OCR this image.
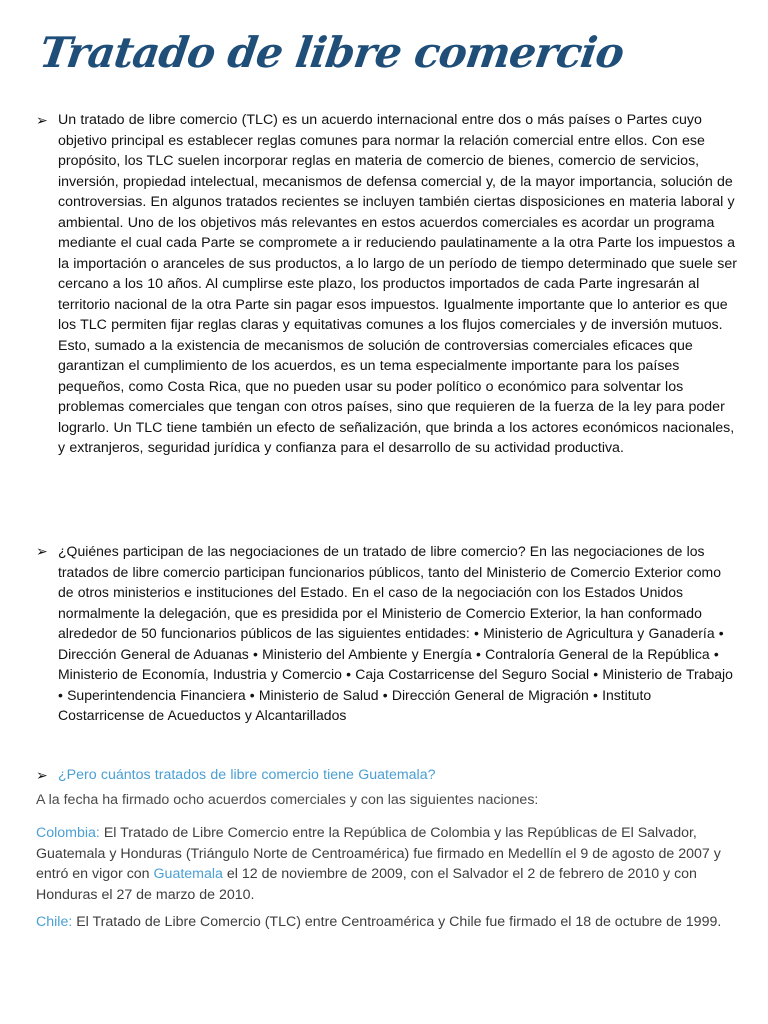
Tratado de libre comercio
➢ Un tratado de libre comercio (TLC) es un acuerdo internacional entre dos o más países o Partes cuyo objetivo principal es establecer reglas comunes para normar la relación comercial entre ellos. Con ese propósito, los TLC suelen incorporar reglas en materia de comercio de bienes, comercio de servicios, inversión, propiedad intelectual, mecanismos de defensa comercial y, de la mayor importancia, solución de controversias. En algunos tratados recientes se incluyen también ciertas disposiciones en materia laboral y ambiental. Uno de los objetivos más relevantes en estos acuerdos comerciales es acordar un programa mediante el cual cada Parte se compromete a ir reduciendo paulatinamente a la otra Parte los impuestos a la importación o aranceles de sus productos, a lo largo de un período de tiempo determinado que suele ser cercano a los 10 años. Al cumplirse este plazo, los productos importados de cada Parte ingresarán al territorio nacional de la otra Parte sin pagar esos impuestos. Igualmente importante que lo anterior es que los TLC permiten fijar reglas claras y equitativas comunes a los flujos comerciales y de inversión mutuos. Esto, sumado a la existencia de mecanismos de solución de controversias comerciales eficaces que garantizan el cumplimiento de los acuerdos, es un tema especialmente importante para los países pequeños, como Costa Rica, que no pueden usar su poder político o económico para solventar los problemas comerciales que tengan con otros países, sino que requieren de la fuerza de la ley para poder lograrlo. Un TLC tiene también un efecto de señalización, que brinda a los actores económicos nacionales, y extranjeros, seguridad jurídica y confianza para el desarrollo de su actividad productiva.

➢ ¿Quiénes participan de las negociaciones de un tratado de libre comercio? En las negociaciones de los tratados de libre comercio participan funcionarios públicos, tanto del Ministerio de Comercio Exterior como de otros ministerios e instituciones del Estado. En el caso de la negociación con los Estados Unidos normalmente la delegación, que es presidida por el Ministerio de Comercio Exterior, la han conformado alrededor de 50 funcionarios públicos de las siguientes entidades: • Ministerio de Agricultura y Ganadería • Dirección General de Aduanas • Ministerio del Ambiente y Energía • Contraloría General de la República • Ministerio de Economía, Industria y Comercio • Caja Costarricense del Seguro Social • Ministerio de Trabajo • Superintendencia Financiera • Ministerio de Salud • Dirección General de Migración • Instituto Costarricense de Acueductos y Alcantarillados

➢ ¿Pero cuántos tratados de libre comercio tiene Guatemala?

A la fecha ha firmado ocho acuerdos comerciales y con las siguientes naciones:

Colombia: El Tratado de Libre Comercio entre la República de Colombia y las Repúblicas de El Salvador, Guatemala y Honduras (Triángulo Norte de Centroamérica) fue firmado en Medellín el 9 de agosto de 2007 y entró en vigor con Guatemala el 12 de noviembre de 2009, con el Salvador el 2 de febrero de 2010 y con Honduras el 27 de marzo de 2010.

Chile: El Tratado de Libre Comercio (TLC) entre Centroamérica y Chile fue firmado el 18 de octubre de 1999.
